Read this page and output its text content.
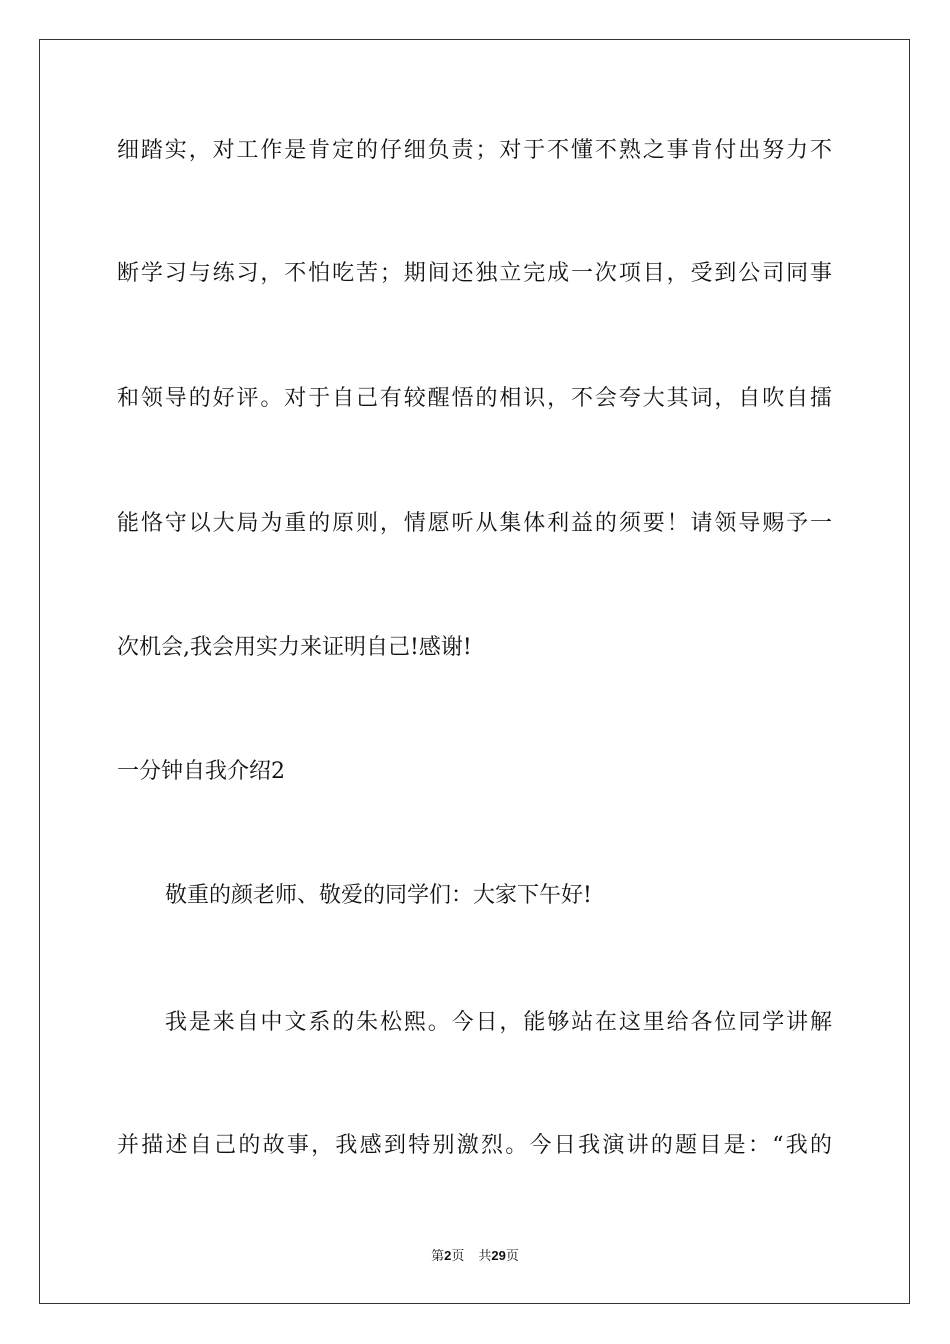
细踏实，对工作是肯定的仔细负责；对于不懂不熟之事肯付出努力不
断学习与练习，不怕吃苦；期间还独立完成一次项目，受到公司同事
和领导的好评。对于自己有较醒悟的相识，不会夸大其词，自吹自擂
能恪守以大局为重的原则，情愿听从集体利益的须要！请领导赐予一
次机会,我会用实力来证明自己!感谢!
一分钟自我介绍2
敬重的颜老师、敬爱的同学们：大家下午好!
我是来自中文系的朱松熙。今日，能够站在这里给各位同学讲解
并描述自己的故事，我感到特别激烈。今日我演讲的题目是：“我的
第2页 共29页
